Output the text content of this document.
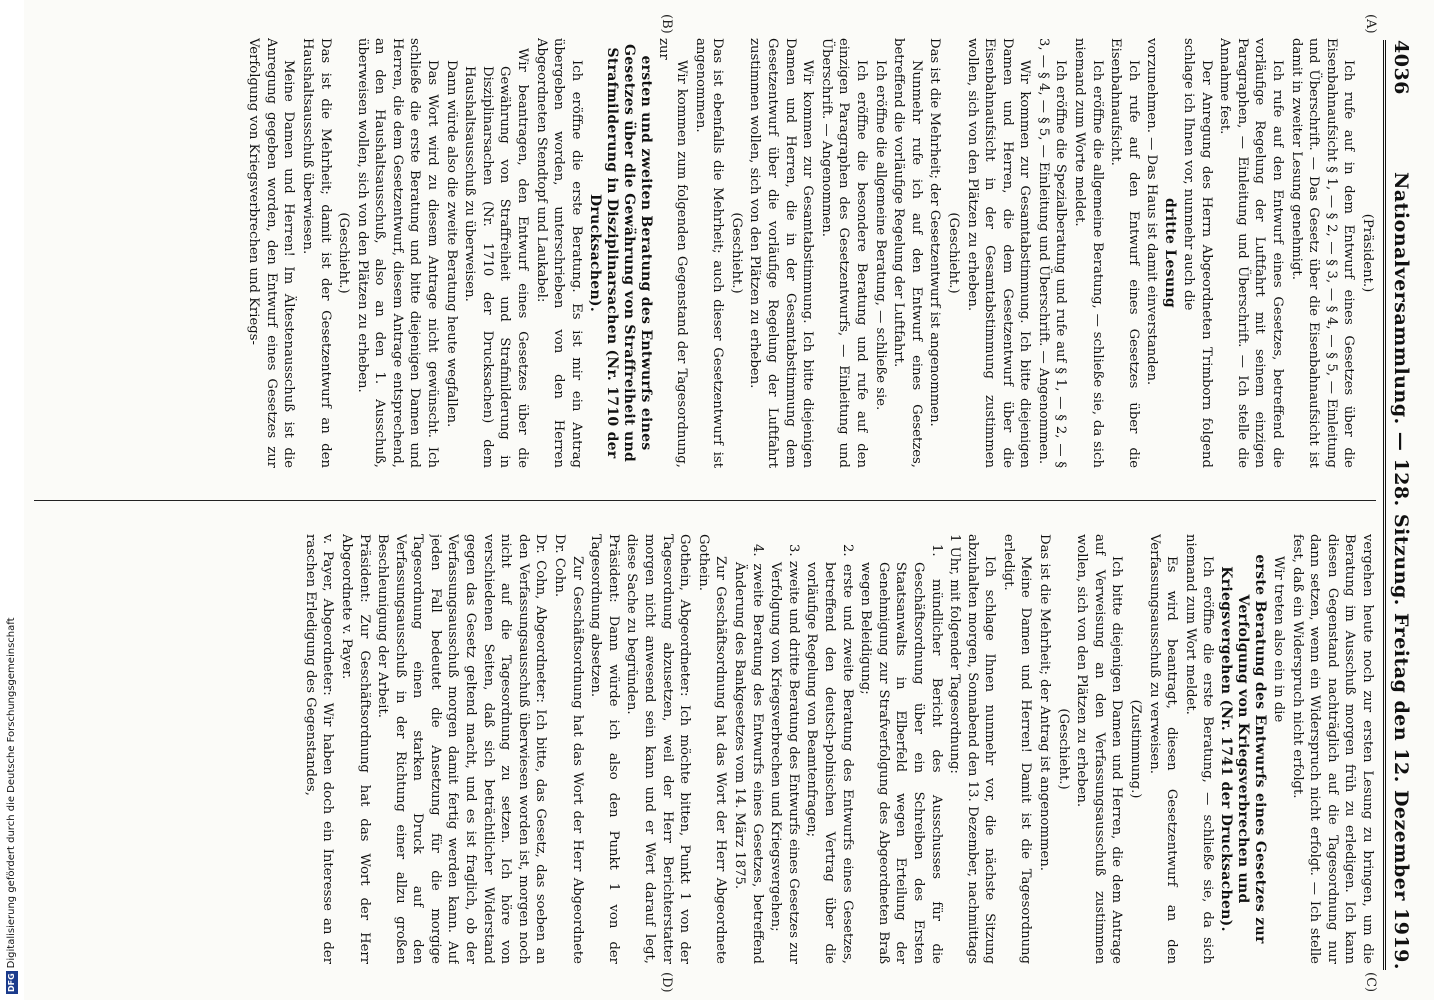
DFGDigitalisierung gefördert durch die Deutsche Forschungsgemeinschaft
4036
Nationalversammlung. — 128. Sitzung. Freitag den 12. Dezember 1919.
(A)
(B)
(C)
(D)

(Präsident.)

Ich rufe auf in dem Entwurf eines Gesetzes über die Eisenbahnaufsicht § 1, — § 2, — § 3, — § 4, — § 5, — Einleitung und Überschrift. — Das Gesetz über die Eisenbahnaufsicht ist damit in zweiter Lesung genehmigt.

Ich rufe auf den Entwurf eines Gesetzes, betreffend die vorläufige Regelung der Luftfahrt mit seinem einzigen Paragraphen, — Einleitung und Überschrift. — Ich stelle die Annahme fest.

Der Anregung des Herrn Abgeordneten Trimborn folgend schlage ich Ihnen vor, nunmehr auch die

dritte Lesung

vorzunehmen. — Das Haus ist damit einverstanden.

Ich rufe auf den Entwurf eines Gesetzes über die Eisenbahnaufsicht.

Ich eröffne die allgemeine Beratung, — schließe sie, da sich niemand zum Worte meldet.

Ich eröffne die Spezialberatung und rufe auf § 1, — § 2, — § 3, — § 4, — § 5, — Einleitung und Überschrift. — Angenommen.

Wir kommen zur Gesamtabstimmung. Ich bitte diejenigen Damen und Herren, die dem Gesetzentwurf über die Eisenbahnaufsicht in der Gesamtabstimmung zustimmen wollen, sich von den Plätzen zu erheben.

(Geschieht.)

Das ist die Mehrheit; der Gesetzentwurf ist angenommen.

Nunmehr rufe ich auf den Entwurf eines Gesetzes, betreffend die vorläufige Regelung der Luftfahrt.

Ich eröffne die allgemeine Beratung, — schließe sie.

Ich eröffne die besondere Beratung und rufe auf den einzigen Paragraphen des Gesetzentwurfs, — Einleitung und Überschrift. — Angenommen.

Wir kommen zur Gesamtabstimmung. Ich bitte diejenigen Damen und Herren, die in der Gesamtabstimmung dem Gesetzentwurf über die vorläufige Regelung der Luftfahrt zustimmen wollen, sich von den Plätzen zu erheben.

(Geschieht.)

Das ist ebenfalls die Mehrheit; auch dieser Gesetzentwurf ist angenommen.

Wir kommen zum folgenden Gegenstand der Tagesordnung, zur

ersten und zweiten Beratung des Entwurfs eines Gesetzes über die Gewährung von Straffreiheit und Strafmilderung in Disziplinarsachen (Nr. 1710 der Drucksachen).

Ich eröffne die erste Beratung. Es ist mir ein Antrag übergeben worden, unterschrieben von den Herren Abgeordneten Stendtopf und Laukabel:

Wir beantragen, den Entwurf eines Gesetzes über die Gewährung von Straffreiheit und Strafmilderung in Disziplinarsachen (Nr. 1710 der Drucksachen) dem Haushaltsausschuß zu überweisen.

Dann würde also die zweite Beratung heute wegfallen.

Das Wort wird zu diesem Antrage nicht gewünscht. Ich schließe die erste Beratung und bitte diejenigen Damen und Herren, die dem Gesetzentwurf, diesem Antrage entsprechend, an den Haushaltsausschuß, also an den 1. Ausschuß, überweisen wollen, sich von den Plätzen zu erheben.

(Geschieht.)

Das ist die Mehrheit; damit ist der Gesetzentwurf an den Haushaltsausschuß überwiesen.

Meine Damen und Herren! Im Ältestenausschuß ist die Anregung gegeben worden, den Entwurf eines Gesetzes zur Verfolgung von Kriegsverbrechen und Kriegs-

vergehen heute noch zur ersten Lesung zu bringen, um die Beratung im Ausschuß morgen früh zu erledigen. Ich kann diesen Gegenstand nachträglich auf die Tagesordnung nur dann setzen, wenn ein Widerspruch nicht erfolgt. — Ich stelle fest, daß ein Widerspruch nicht erfolgt.

Wir treten also ein in die

erste Beratung des Entwurfs eines Gesetzes zur Verfolgung von Kriegsverbrechen und Kriegsvergehen (Nr. 1741 der Drucksachen).

Ich eröffne die erste Beratung, — schließe sie, da sich niemand zum Wort meldet.

Es wird beantragt, diesen Gesetzentwurf an den Verfassungsausschuß zu verweisen.

(Zustimmung.)

Ich bitte diejenigen Damen und Herren, die dem Antrage auf Verweisung an den Verfassungsausschuß zustimmen wollen, sich von den Plätzen zu erheben.

(Geschieht.)

Das ist die Mehrheit; der Antrag ist angenommen.

Meine Damen und Herren! Damit ist die Tagesordnung erledigt.

Ich schlage Ihnen nunmehr vor, die nächste Sitzung abzuhalten morgen, Sonnabend den 13. Dezember, nachmittags 1 Uhr, mit folgender Tagesordnung:

1. mündlicher Bericht des Ausschusses für die Geschäftsordnung über ein Schreiben des Ersten Staatsanwalts in Elberfeld wegen Erteilung der Genehmigung zur Strafverfolgung des Abgeordneten Braß wegen Beleidigung;

2. erste und zweite Beratung des Entwurfs eines Gesetzes, betreffend den deutsch-polnischen Vertrag über die vorläufige Regelung von Beamtenfragen;

3. zweite und dritte Beratung des Entwurfs eines Gesetzes zur Verfolgung von Kriegsverbrechen und Kriegsvergehen;

4. zweite Beratung des Entwurfs eines Gesetzes, betreffend Änderung des Bankgesetzes vom 14. März 1875.

Zur Geschäftsordnung hat das Wort der Herr Abgeordnete Gothein.

Gothein, Abgeordneter: Ich möchte bitten, Punkt 1 von der Tagesordnung abzusetzen, weil der Herr Berichterstatter morgen nicht anwesend sein kann und er Wert darauf legt, diese Sache zu begründen.

Präsident: Dann würde ich also den Punkt 1 von der Tagesordnung absetzen.

Zur Geschäftsordnung hat das Wort der Herr Abgeordnete Dr. Cohn.

Dr. Cohn, Abgeordneter: Ich bitte, das Gesetz, das soeben an den Verfassungsausschuß überwiesen worden ist, morgen noch nicht auf die Tagesordnung zu setzen. Ich höre von verschiedenen Seiten, daß sich beträchtlicher Widerstand gegen das Gesetz geltend macht, und es ist fraglich, ob der Verfassungsausschuß morgen damit fertig werden kann. Auf jeden Fall bedeutet die Ansetzung für die morgige Tagesordnung einen starken Druck auf den Verfassungsausschuß in der Richtung einer allzu großen Beschleunigung der Arbeit.

Präsident: Zur Geschäftsordnung hat das Wort der Herr Abgeordnete v. Payer.

v. Payer, Abgeordneter: Wir haben doch ein Interesse an der raschen Erledigung des Gegenstandes,
